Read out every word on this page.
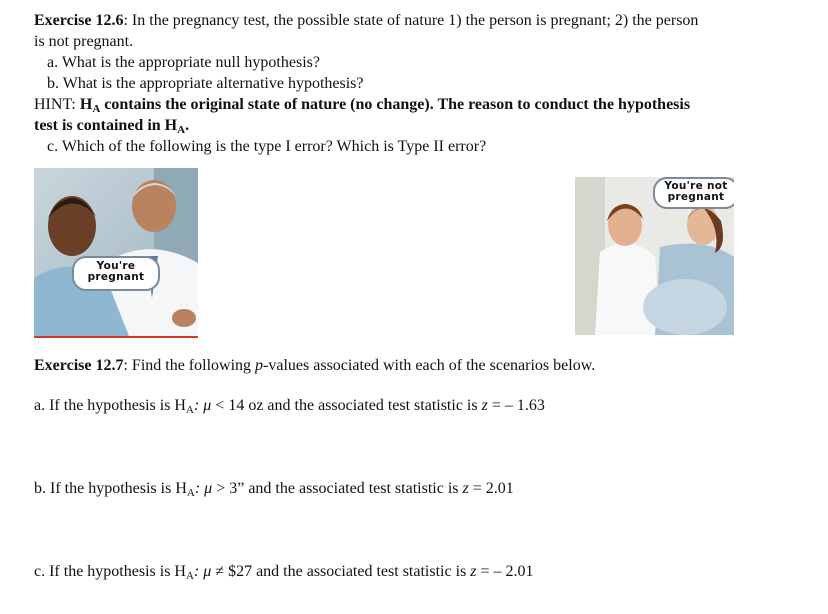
Exercise 12.6: In the pregnancy test, the possible state of nature 1) the person is pregnant; 2) the person
is not pregnant.
a. What is the appropriate null hypothesis?
b. What is the appropriate alternative hypothesis?
HINT: HA contains the original state of nature (no change). The reason to conduct the hypothesis
test is contained in HA.
c. Which of the following is the type I error? Which is Type II error?
You're
pregnant
You're not
pregnant
Exercise 12.7: Find the following p-values associated with each of the scenarios below.
a. If the hypothesis is HA: μ < 14 oz and the associated test statistic is z = – 1.63
b. If the hypothesis is HA: μ > 3” and the associated test statistic is z = 2.01
c. If the hypothesis is HA: μ ≠ $27 and the associated test statistic is z = – 2.01
